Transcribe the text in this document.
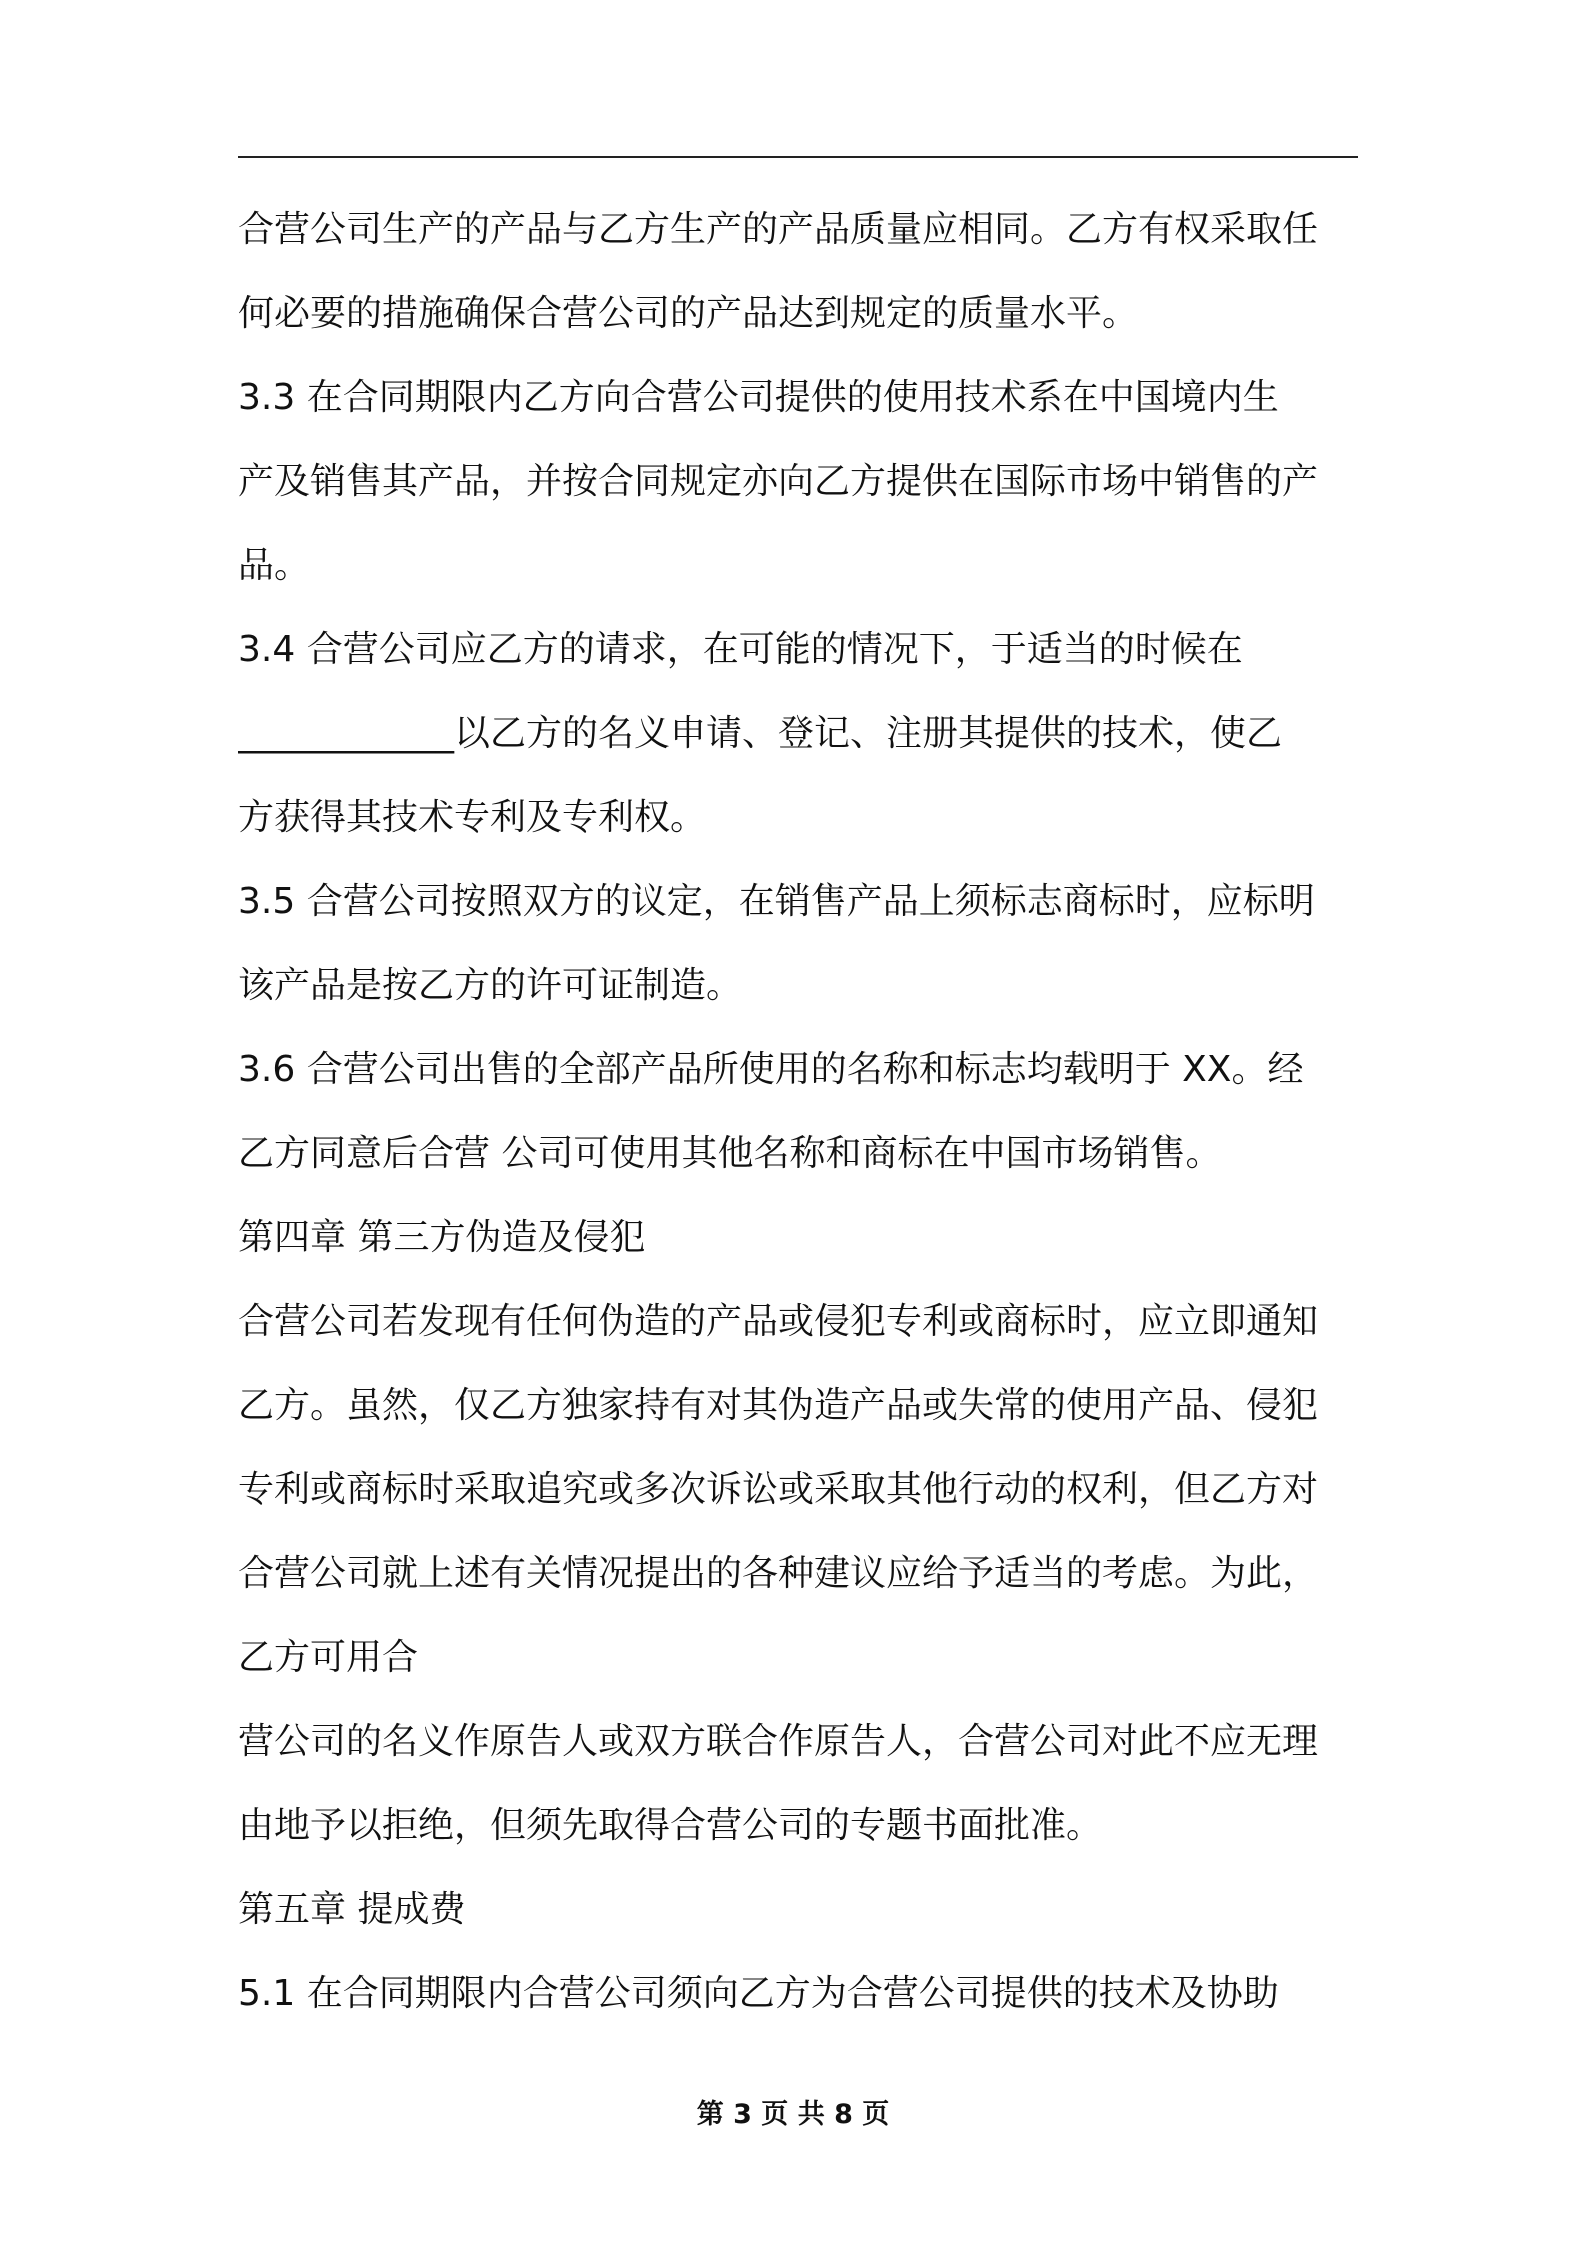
合营公司生产的产品与乙方生产的产品质量应相同。乙方有权采取任
何必要的措施确保合营公司的产品达到规定的质量水平。
3.3 在合同期限内乙方向合营公司提供的使用技术系在中国境内生
产及销售其产品，并按合同规定亦向乙方提供在国际市场中销售的产
品。
3.4 合营公司应乙方的请求，在可能的情况下，于适当的时候在
____________以乙方的名义申请、登记、注册其提供的技术，使乙
方获得其技术专利及专利权。
3.5 合营公司按照双方的议定，在销售产品上须标志商标时，应标明
该产品是按乙方的许可证制造。
3.6 合营公司出售的全部产品所使用的名称和标志均载明于 XX。经
乙方同意后合营 公司可使用其他名称和商标在中国市场销售。
第四章 第三方伪造及侵犯
合营公司若发现有任何伪造的产品或侵犯专利或商标时，应立即通知
乙方。虽然，仅乙方独家持有对其伪造产品或失常的使用产品、侵犯
专利或商标时采取追究或多次诉讼或采取其他行动的权利，但乙方对
合营公司就上述有关情况提出的各种建议应给予适当的考虑。为此，
乙方可用合
营公司的名义作原告人或双方联合作原告人，合营公司对此不应无理
由地予以拒绝，但须先取得合营公司的专题书面批准。
第五章 提成费
5.1 在合同期限内合营公司须向乙方为合营公司提供的技术及协助
第 3 页 共 8 页
